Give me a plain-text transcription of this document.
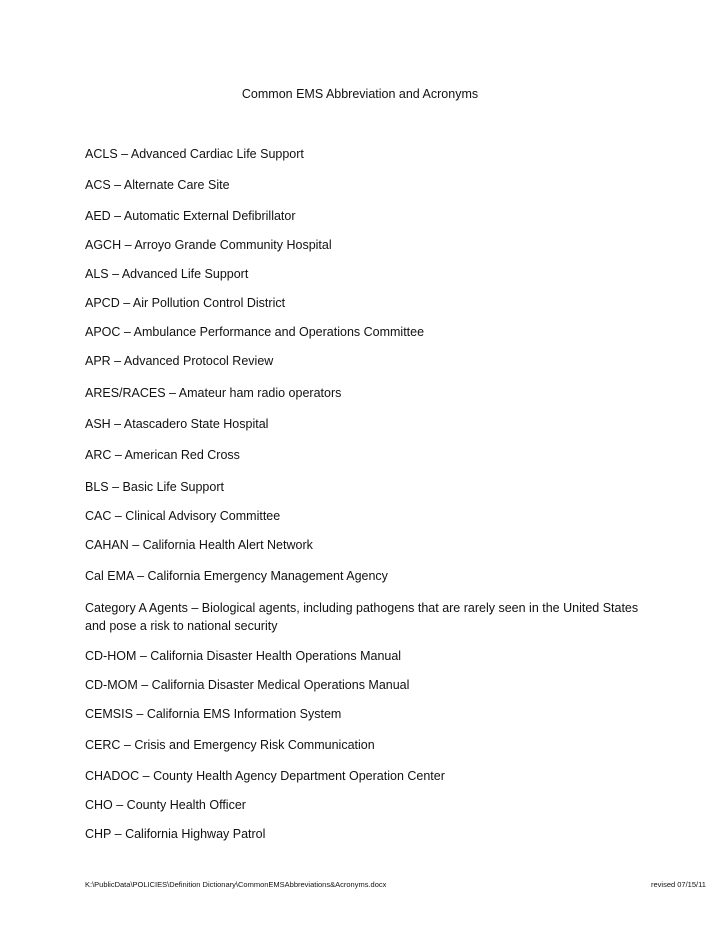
Common EMS Abbreviation and Acronyms

ACLS – Advanced Cardiac Life Support

ACS – Alternate Care Site

AED – Automatic External Defibrillator

AGCH – Arroyo Grande Community Hospital

ALS – Advanced Life Support

APCD – Air Pollution Control District

APOC – Ambulance Performance and Operations Committee

APR – Advanced Protocol Review

ARES/RACES – Amateur ham radio operators

ASH – Atascadero State Hospital

ARC – American Red Cross

BLS – Basic Life Support

CAC – Clinical Advisory Committee

CAHAN – California Health Alert Network

Cal EMA – California Emergency Management Agency

Category A Agents – Biological agents, including pathogens that are rarely seen in the United States and pose a risk to national security

CD-HOM – California Disaster Health Operations Manual

CD-MOM – California Disaster Medical Operations Manual

CEMSIS – California EMS Information System

CERC – Crisis and Emergency Risk Communication

CHADOC – County Health Agency Department Operation Center

CHO – County Health Officer

CHP – California Highway Patrol

K:\PublicData\POLICIES\Definition Dictionary\CommonEMSAbbreviations&Acronyms.docx	revised 07/15/11
